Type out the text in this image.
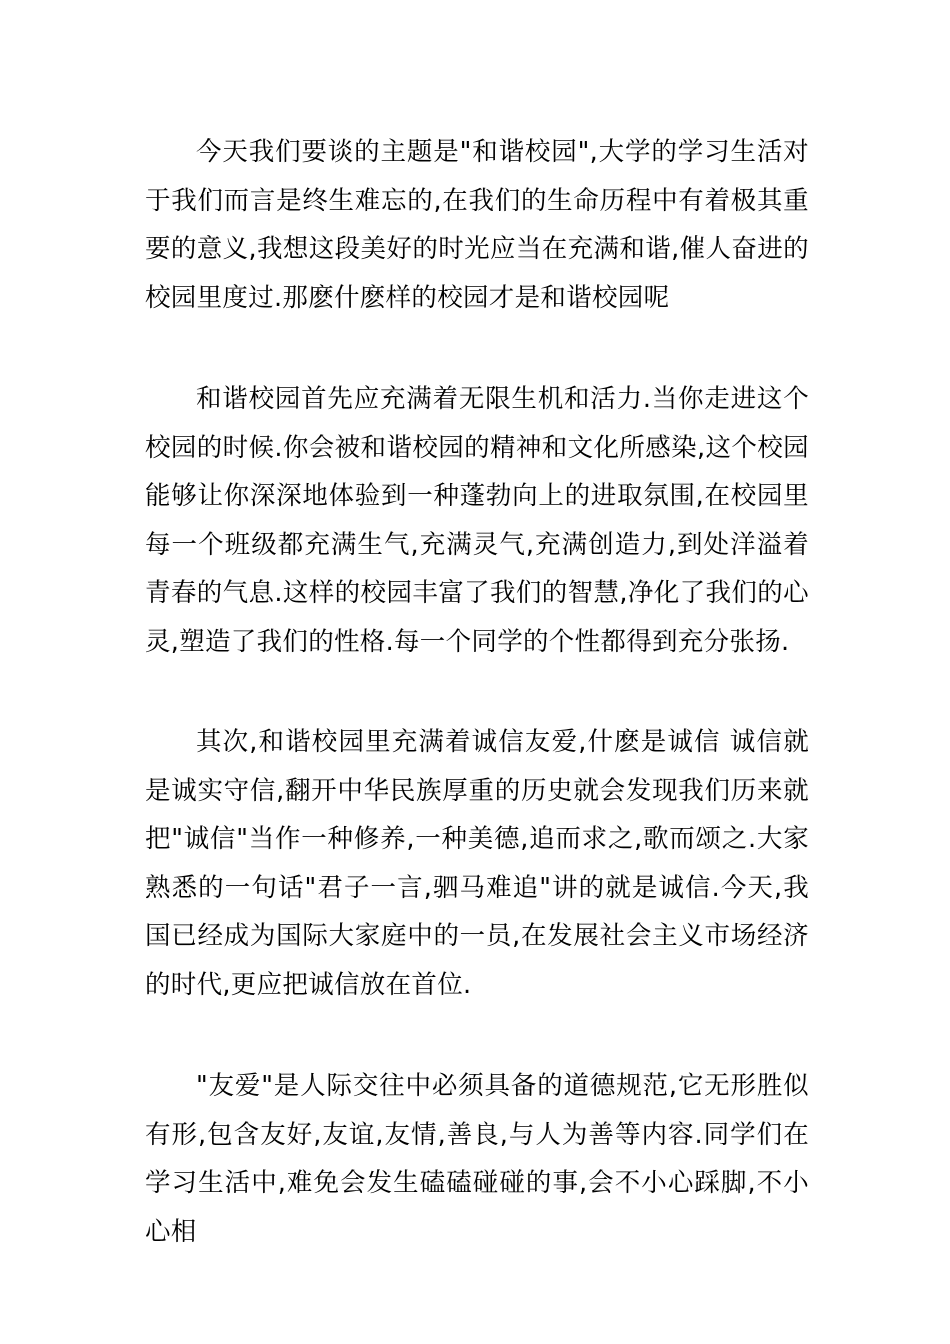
今天我们要谈的主题是"和谐校园",大学的学习生活对于我们而言是终生难忘的,在我们的生命历程中有着极其重要的意义,我想这段美好的时光应当在充满和谐,催人奋进的校园里度过.那麽什麽样的校园才是和谐校园呢

和谐校园首先应充满着无限生机和活力.当你走进这个校园的时候.你会被和谐校园的精神和文化所感染,这个校园能够让你深深地体验到一种蓬勃向上的进取氛围,在校园里每一个班级都充满生气,充满灵气,充满创造力,到处洋溢着青春的气息.这样的校园丰富了我们的智慧,净化了我们的心灵,塑造了我们的性格.每一个同学的个性都得到充分张扬.

其次,和谐校园里充满着诚信友爱,什麽是诚信 诚信就是诚实守信,翻开中华民族厚重的历史就会发现我们历来就把"诚信"当作一种修养,一种美德,追而求之,歌而颂之.大家熟悉的一句话"君子一言,驷马难追"讲的就是诚信.今天,我国已经成为国际大家庭中的一员,在发展社会主义市场经济的时代,更应把诚信放在首位.

"友爱"是人际交往中必须具备的道德规范,它无形胜似有形,包含友好,友谊,友情,善良,与人为善等内容.同学们在学习生活中,难免会发生磕磕碰碰的事,会不小心踩脚,不小心相
